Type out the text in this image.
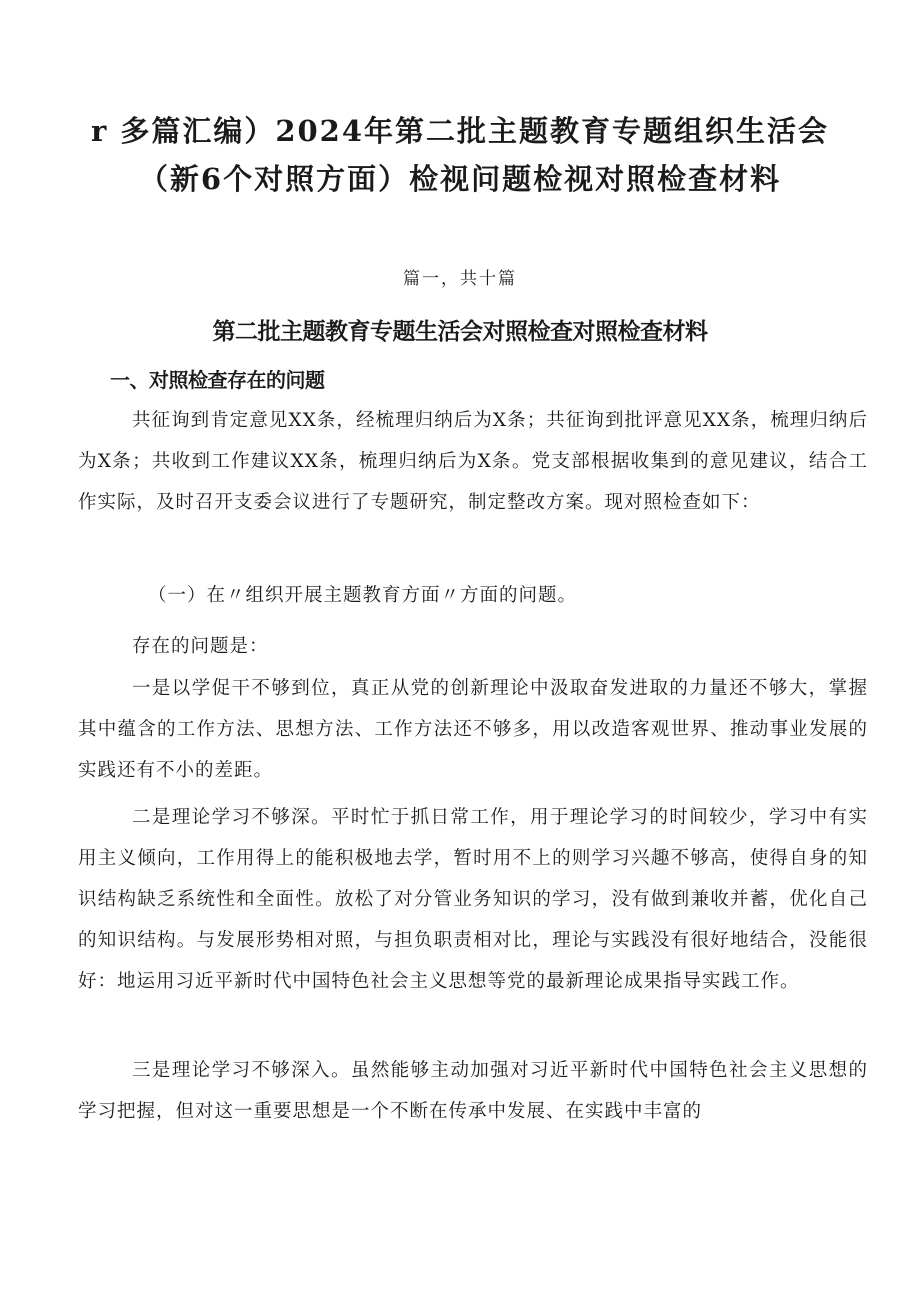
r 多篇汇编）2024年第二批主题教育专题组织生活会
（新6个对照方面）检视问题检视对照检查材料
篇一，共十篇
第二批主题教育专题生活会对照检查对照检查材料
一、对照检查存在的问题

共征询到肯定意见XX条，经梳理归纳后为X条；共征询到批评意见XX条，梳理归纳后为X条；共收到工作建议XX条，梳理归纳后为X条。党支部根据收集到的意见建议，结合工作实际，及时召开支委会议进行了专题研究，制定整改方案。现对照检查如下：

（一）在〃组织开展主题教育方面〃方面的问题。

存在的问题是：

一是以学促干不够到位，真正从党的创新理论中汲取奋发进取的力量还不够大，掌握其中蕴含的工作方法、思想方法、工作方法还不够多，用以改造客观世界、推动事业发展的实践还有不小的差距。

二是理论学习不够深。平时忙于抓日常工作，用于理论学习的时间较少，学习中有实用主义倾向，工作用得上的能积极地去学，暂时用不上的则学习兴趣不够高，使得自身的知识结构缺乏系统性和全面性。放松了对分管业务知识的学习，没有做到兼收并蓄，优化自己的知识结构。与发展形势相对照，与担负职责相对比，理论与实践没有很好地结合，没能很好：地运用习近平新时代中国特色社会主义思想等党的最新理论成果指导实践工作。

三是理论学习不够深入。虽然能够主动加强对习近平新时代中国特色社会主义思想的学习把握，但对这一重要思想是一个不断在传承中发展、在实践中丰富的
